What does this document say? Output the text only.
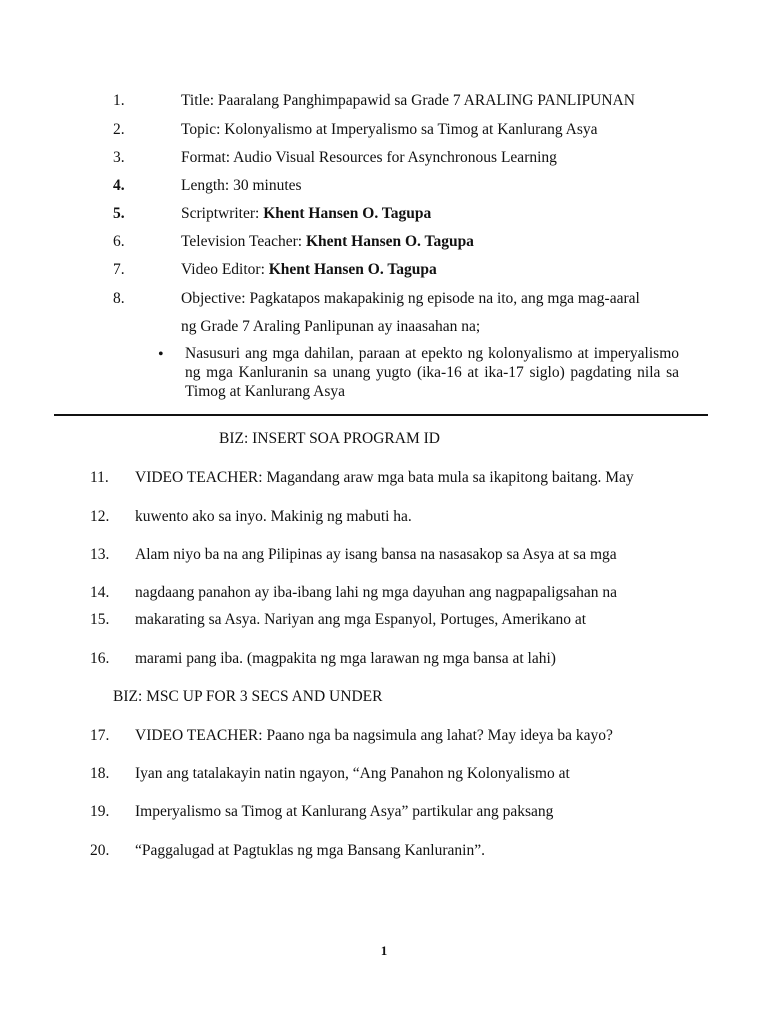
1.	Title: Paaralang Panghimpapawid sa Grade 7 ARALING PANLIPUNAN
2.	Topic: Kolonyalismo at Imperyalismo sa Timog at Kanlurang Asya
3.	Format: Audio Visual Resources for Asynchronous Learning
4.	Length: 30 minutes
5.	Scriptwriter: Khent Hansen O. Tagupa
6.	Television Teacher: Khent Hansen O. Tagupa
7.	Video Editor: Khent Hansen O. Tagupa
8.	Objective: Pagkatapos makapakinig ng episode na ito, ang mga mag-aaral
ng Grade 7 Araling Panlipunan ay inaasahan na;
• Nasusuri ang mga dahilan, paraan at epekto ng kolonyalismo at imperyalismo ng mga Kanluranin sa unang yugto (ika-16 at ika-17 siglo) pagdating nila sa Timog at Kanlurang Asya
BIZ: INSERT SOA PROGRAM ID
11. VIDEO TEACHER: Magandang araw mga bata mula sa ikapitong baitang. May
12. kuwento ako sa inyo. Makinig ng mabuti ha.
13. Alam niyo ba na ang Pilipinas ay isang bansa na nasasakop sa Asya at sa mga
14. nagdaang panahon ay iba-ibang lahi ng mga dayuhan ang nagpapaligsahan na
15. makarating sa Asya. Nariyan ang mga Espanyol, Portuges, Amerikano at
16. marami pang iba. (magpakita ng mga larawan ng mga bansa at lahi)
BIZ: MSC UP FOR 3 SECS AND UNDER
17. VIDEO TEACHER: Paano nga ba nagsimula ang lahat? May ideya ba kayo?
18. Iyan ang tatalakayin natin ngayon, “Ang Panahon ng Kolonyalismo at
19. Imperyalismo sa Timog at Kanlurang Asya” partikular ang paksang
20. “Paggalugad at Pagtuklas ng mga Bansang Kanluranin”.
1
